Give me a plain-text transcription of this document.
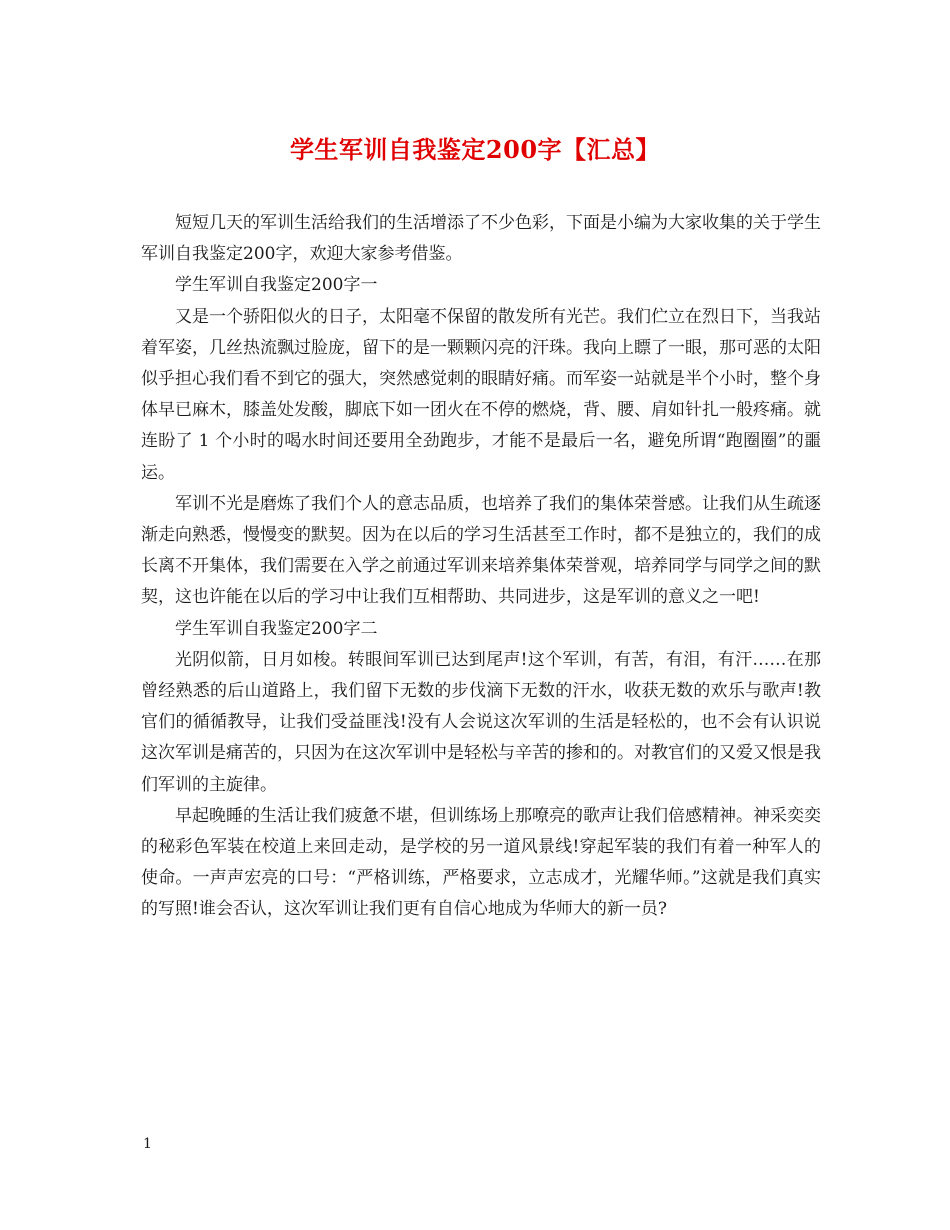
学生军训自我鉴定200字【汇总】

短短几天的军训生活给我们的生活增添了不少色彩，下面是小编为大家收集的关于学生军训自我鉴定200字，欢迎大家参考借鉴。

学生军训自我鉴定200字一

又是一个骄阳似火的日子，太阳毫不保留的散发所有光芒。我们伫立在烈日下，当我站着军姿，几丝热流飘过脸庞，留下的是一颗颗闪亮的汗珠。我向上瞟了一眼，那可恶的太阳似乎担心我们看不到它的强大，突然感觉刺的眼睛好痛。而军姿一站就是半个小时，整个身体早已麻木，膝盖处发酸，脚底下如一团火在不停的燃烧，背、腰、肩如针扎一般疼痛。就连盼了 1 个小时的喝水时间还要用全劲跑步，才能不是最后一名，避免所谓“跑圈圈”的噩运。

军训不光是磨炼了我们个人的意志品质，也培养了我们的集体荣誉感。让我们从生疏逐渐走向熟悉，慢慢变的默契。因为在以后的学习生活甚至工作时，都不是独立的，我们的成长离不开集体，我们需要在入学之前通过军训来培养集体荣誉观，培养同学与同学之间的默契，这也许能在以后的学习中让我们互相帮助、共同进步，这是军训的意义之一吧!

学生军训自我鉴定200字二

光阴似箭，日月如梭。转眼间军训已达到尾声!这个军训，有苦，有泪，有汗……在那曾经熟悉的后山道路上，我们留下无数的步伐滴下无数的汗水，收获无数的欢乐与歌声!教官们的循循教导，让我们受益匪浅!没有人会说这次军训的生活是轻松的，也不会有认识说这次军训是痛苦的，只因为在这次军训中是轻松与辛苦的掺和的。对教官们的又爱又恨是我们军训的主旋律。

早起晚睡的生活让我们疲惫不堪，但训练场上那嘹亮的歌声让我们倍感精神。神采奕奕的秘彩色军装在校道上来回走动，是学校的另一道风景线!穿起军装的我们有着一种军人的使命。一声声宏亮的口号：“严格训练，严格要求，立志成才，光耀华师。”这就是我们真实的写照!谁会否认，这次军训让我们更有自信心地成为华师大的新一员?

1
